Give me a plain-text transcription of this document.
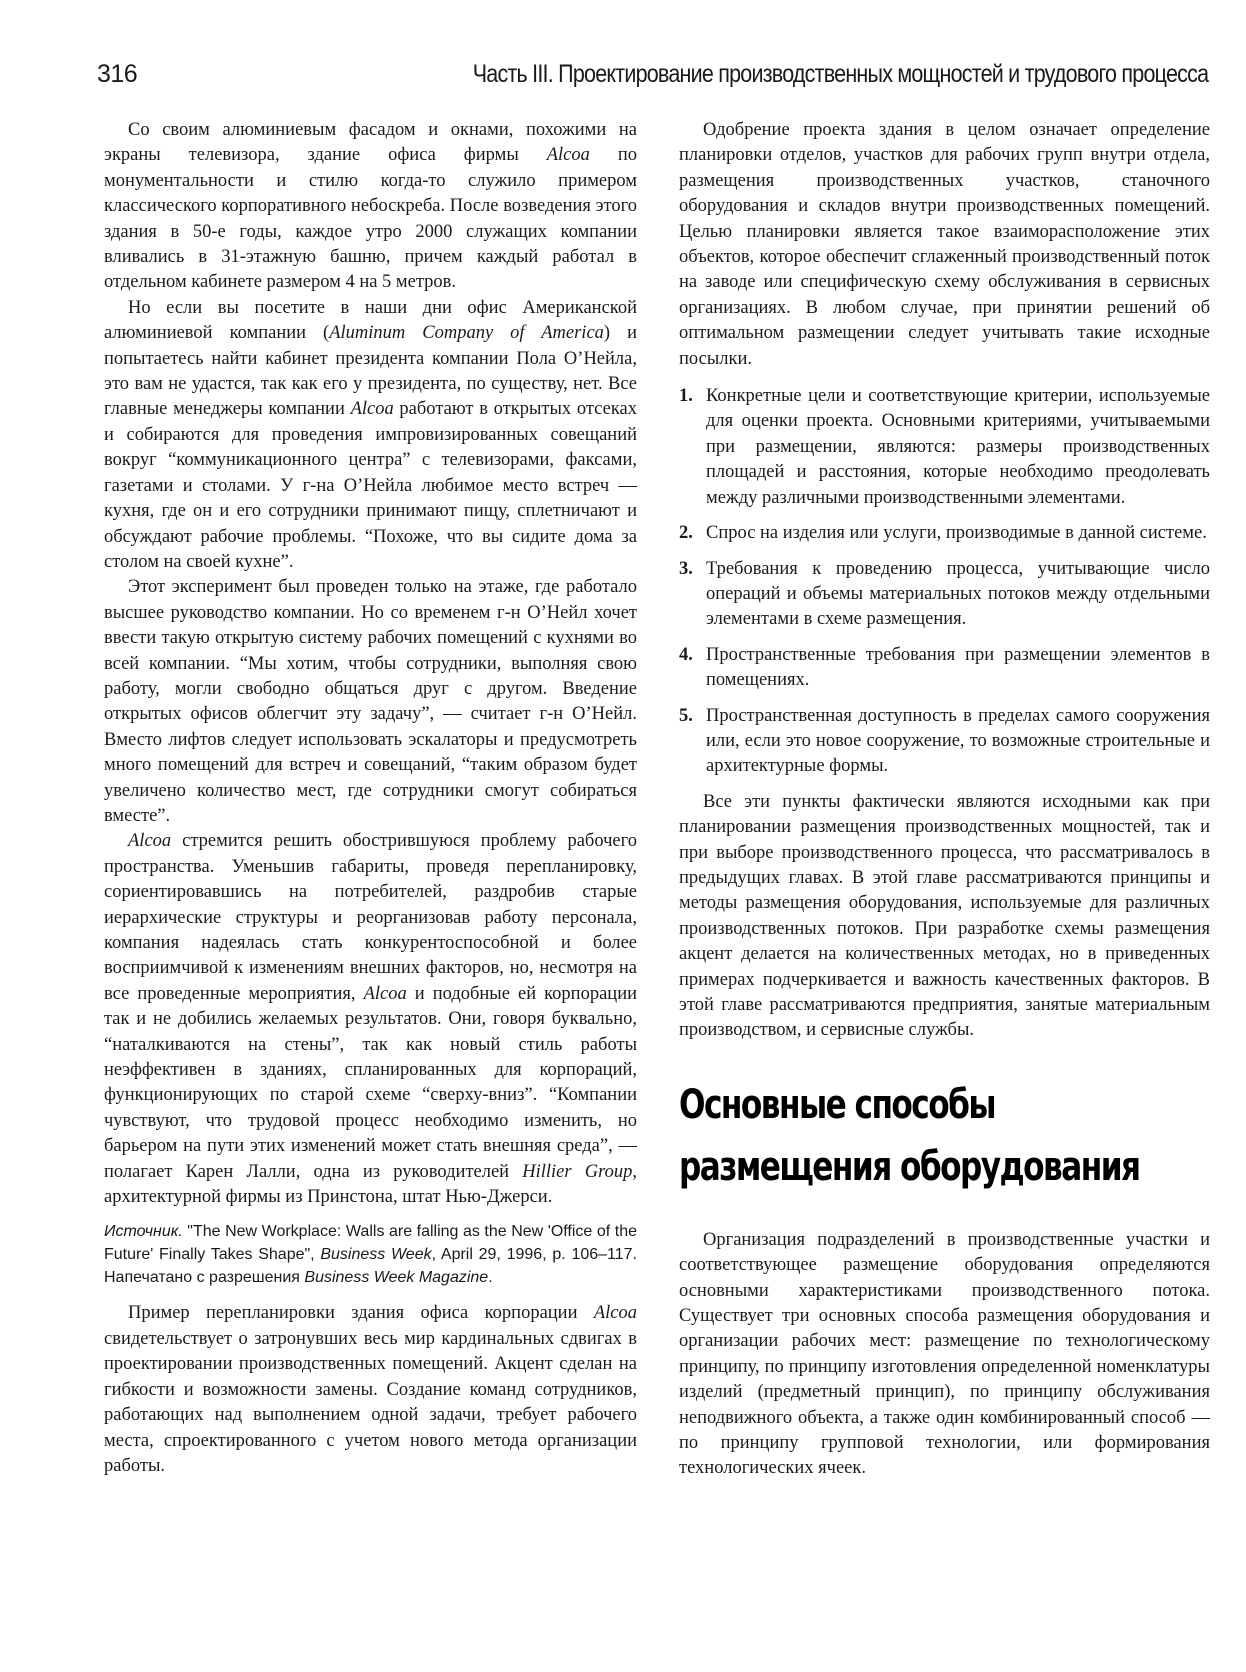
316	Часть III. Проектирование производственных мощностей и трудового процесса

Со своим алюминиевым фасадом и окнами, похожими на экраны телевизора, здание офиса фирмы Alcoa по монументальности и стилю когда-то служило примером классического корпоративного небоскреба. После возведения этого здания в 50-е годы, каждое утро 2000 служащих компании вливались в 31-этажную башню, причем каждый работал в отдельном кабинете размером 4 на 5 метров.

Но если вы посетите в наши дни офис Американской алюминиевой компании (Aluminum Company of America) и попытаетесь найти кабинет президента компании Пола О’Нейла, это вам не удастся, так как его у президента, по существу, нет. Все главные менеджеры компании Alcoa работают в открытых отсеках и собираются для проведения импровизированных совещаний вокруг “коммуникационного центра” с телевизорами, факсами, газетами и столами. У г-на О’Нейла любимое место встреч — кухня, где он и его сотрудники принимают пищу, сплетничают и обсуждают рабочие проблемы. “Похоже, что вы сидите дома за столом на своей кухне”.

Этот эксперимент был проведен только на этаже, где работало высшее руководство компании. Но со временем г-н О’Нейл хочет ввести такую открытую систему рабочих помещений с кухнями во всей компании. “Мы хотим, чтобы сотрудники, выполняя свою работу, могли свободно общаться друг с другом. Введение открытых офисов облегчит эту задачу”, — считает г-н О’Нейл. Вместо лифтов следует использовать эскалаторы и предусмотреть много помещений для встреч и совещаний, “таким образом будет увеличено количество мест, где сотрудники смогут собираться вместе”.

Alcoa стремится решить обострившуюся проблему рабочего пространства. Уменьшив габариты, проведя перепланировку, сориентировавшись на потребителей, раздробив старые иерархические структуры и реорганизовав работу персонала, компания надеялась стать конкурентоспособной и более восприимчивой к изменениям внешних факторов, но, несмотря на все проведенные мероприятия, Alcoa и подобные ей корпорации так и не добились желаемых результатов. Они, говоря буквально, “наталкиваются на стены”, так как новый стиль работы неэффективен в зданиях, спланированных для корпораций, функционирующих по старой схеме “сверху-вниз”. “Компании чувствуют, что трудовой процесс необходимо изменить, но барьером на пути этих изменений может стать внешняя среда”, — полагает Карен Лалли, одна из руководителей Hillier Group, архитектурной фирмы из Принстона, штат Нью-Джерси.

Источник. "The New Workplace: Walls are falling as the New 'Office of the Future' Finally Takes Shape", Business Week, April 29, 1996, p. 106–117. Напечатано с разрешения Business Week Magazine.

Пример перепланировки здания офиса корпорации Alcoa свидетельствует о затронувших весь мир кардинальных сдвигах в проектировании производственных помещений. Акцент сделан на гибкости и возможности замены. Создание команд сотрудников, работающих над выполнением одной задачи, требует рабочего места, спроектированного с учетом нового метода организации работы.

Одобрение проекта здания в целом означает определение планировки отделов, участков для рабочих групп внутри отдела, размещения производственных участков, станочного оборудования и складов внутри производственных помещений. Целью планировки является такое взаиморасположение этих объектов, которое обеспечит сглаженный производственный поток на заводе или специфическую схему обслуживания в сервисных организациях. В любом случае, при принятии решений об оптимальном размещении следует учитывать такие исходные посылки.

1. Конкретные цели и соответствующие критерии, используемые для оценки проекта. Основными критериями, учитываемыми при размещении, являются: размеры производственных площадей и расстояния, которые необходимо преодолевать между различными производственными элементами.
2. Спрос на изделия или услуги, производимые в данной системе.
3. Требования к проведению процесса, учитывающие число операций и объемы материальных потоков между отдельными элементами в схеме размещения.
4. Пространственные требования при размещении элементов в помещениях.
5. Пространственная доступность в пределах самого сооружения или, если это новое сооружение, то возможные строительные и архитектурные формы.

Все эти пункты фактически являются исходными как при планировании размещения производственных мощностей, так и при выборе производственного процесса, что рассматривалось в предыдущих главах. В этой главе рассматриваются принципы и методы размещения оборудования, используемые для различных производственных потоков. При разработке схемы размещения акцент делается на количественных методах, но в приведенных примерах подчеркивается и важность качественных факторов. В этой главе рассматриваются предприятия, занятые материальным производством, и сервисные службы.

Основные способы размещения оборудования

Организация подразделений в производственные участки и соответствующее размещение оборудования определяются основными характеристиками производственного потока. Существует три основных способа размещения оборудования и организации рабочих мест: размещение по технологическому принципу, по принципу изготовления определенной номенклатуры изделий (предметный принцип), по принципу обслуживания неподвижного объекта, а также один комбинированный способ — по принципу групповой технологии, или формирования технологических ячеек.
